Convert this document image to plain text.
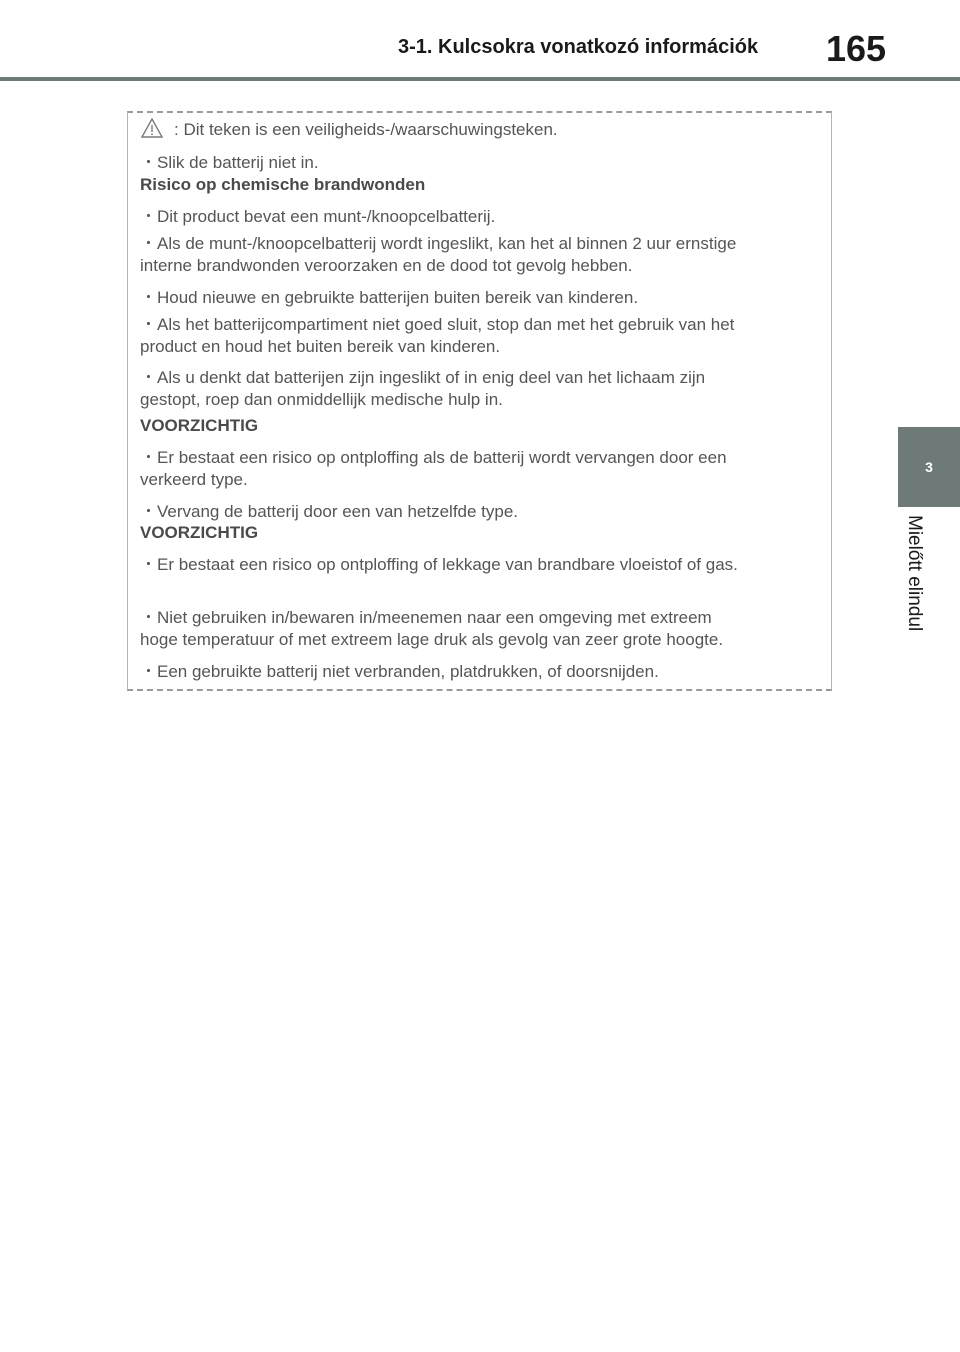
3-1. Kulcsokra vonatkozó információk 165
3
Mielőtt elindul
: Dit teken is een veiligheids-/waarschuwingsteken.
・Slik de batterij niet in.
Risico op chemische brandwonden
・Dit product bevat een munt-/knoopcelbatterij.
・Als de munt-/knoopcelbatterij wordt ingeslikt, kan het al binnen 2 uur ernstige
interne brandwonden veroorzaken en de dood tot gevolg hebben.
・Houd nieuwe en gebruikte batterijen buiten bereik van kinderen.
・Als het batterijcompartiment niet goed sluit, stop dan met het gebruik van het
product en houd het buiten bereik van kinderen.
・Als u denkt dat batterijen zijn ingeslikt of in enig deel van het lichaam zijn
gestopt, roep dan onmiddellijk medische hulp in.
VOORZICHTIG
・Er bestaat een risico op ontploffing als de batterij wordt vervangen door een
verkeerd type.
・Vervang de batterij door een van hetzelfde type.
VOORZICHTIG
・Er bestaat een risico op ontploffing of lekkage van brandbare vloeistof of gas.
・Niet gebruiken in/bewaren in/meenemen naar een omgeving met extreem
hoge temperatuur of met extreem lage druk als gevolg van zeer grote hoogte.
・Een gebruikte batterij niet verbranden, platdrukken, of doorsnijden.
